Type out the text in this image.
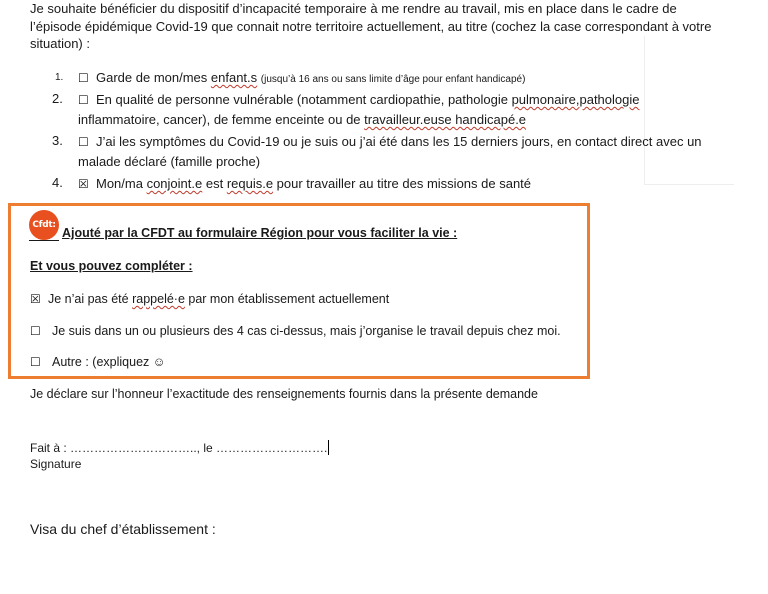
Je souhaite bénéficier du dispositif d’incapacité temporaire à me rendre au travail, mis en place dans le cadre de l’épisode épidémique Covid-19 que connait notre territoire actuellement, au titre (cochez la case correspondant à votre situation) :
1.	☐ Garde de mon/mes enfant.s (jusqu’à 16 ans ou sans limite d’âge pour enfant handicapé)
2.	☐ En qualité de personne vulnérable (notamment cardiopathie, pathologie pulmonaire,pathologie
inflammatoire, cancer), de femme enceinte ou de travailleur.euse handicapé.e
3.	☐ J’ai les symptômes du Covid-19 ou je suis ou j’ai été dans les 15 derniers jours, en contact direct avec un
malade déclaré (famille proche)
4.	☒ Mon/ma conjoint.e est requis.e pour travailler au titre des missions de santé
Cfdt:
Ajouté par la CFDT au formulaire Région pour vous faciliter la vie :
Et vous pouvez compléter :
☒ Je n’ai pas été rappelé·e par mon établissement actuellement
☐ Je suis dans un ou plusieurs des 4 cas ci-dessus, mais j’organise le travail depuis chez moi.
☐ Autre : (expliquez ☺
Je déclare sur l’honneur l’exactitude des renseignements fournis dans la présente demande
Fait à : ………………………….., le ……………………….
Signature
Visa du chef d’établissement :
